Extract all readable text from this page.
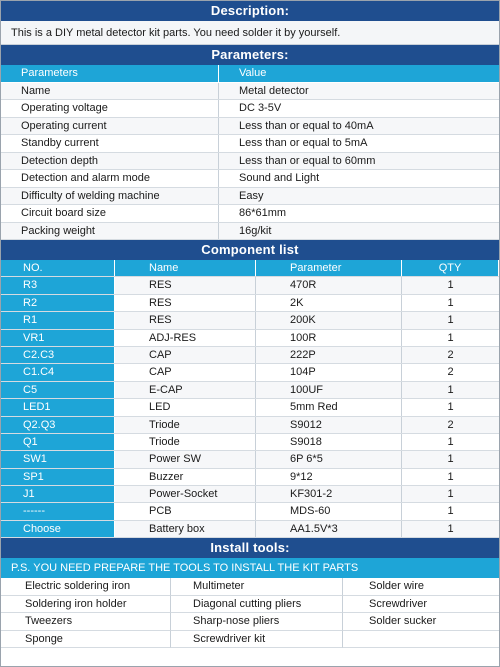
Description:
This is a DIY metal detector kit parts. You need solder it by yourself.
Parameters:
Parameters	Value
Name	Metal detector
Operating voltage	DC 3-5V
Operating current	Less than or equal to 40mA
Standby current	Less than or equal to 5mA
Detection depth	Less than or equal to 60mm
Detection and alarm mode	Sound and Light
Difficulty of welding machine	Easy
Circuit board size	86*61mm
Packing weight	16g/kit
Component list
NO.	Name	Parameter	QTY
R3	RES	470R	1
R2	RES	2K	1
R1	RES	200K	1
VR1	ADJ-RES	100R	1
C2.C3	CAP	222P	2
C1.C4	CAP	104P	2
C5	E-CAP	100UF	1
LED1	LED	5mm Red	1
Q2.Q3	Triode	S9012	2
Q1	Triode	S9018	1
SW1	Power SW	6P 6*5	1
SP1	Buzzer	9*12	1
J1	Power-Socket	KF301-2	1
------	PCB	MDS-60	1
Choose	Battery box	AA1.5V*3	1
Install tools:
P.S. YOU NEED PREPARE THE TOOLS TO INSTALL THE KIT PARTS
Electric soldering iron	Multimeter	Solder wire
Soldering iron holder	Diagonal cutting pliers	Screwdriver
Tweezers	Sharp-nose pliers	Solder sucker
Sponge	Screwdriver kit
